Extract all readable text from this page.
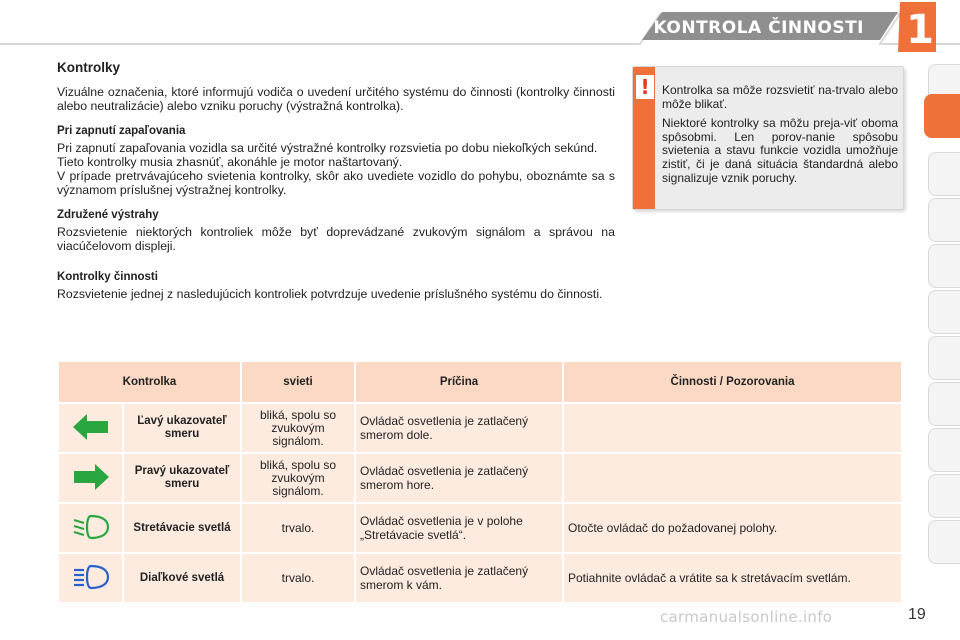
KONTROLA ČINNOSTI 1
Kontrolky

Vizuálne označenia, ktoré informujú vodiča o uvedení určitého systému do činnosti (kontrolky činnosti alebo neutralizácie) alebo vzniku poruchy (výstražná kontrolka).

Pri zapnutí zapaľovania

Pri zapnutí zapaľovania vozidla sa určité výstražné kontrolky rozsvietia po dobu niekoľkých sekúnd.

Tieto kontrolky musia zhasnúť, akonáhle je motor naštartovaný.

V prípade pretrvávajúceho svietenia kontrolky, skôr ako uvediete vozidlo do pohybu, oboznámte sa s významom príslušnej výstražnej kontrolky.

Združené výstrahy

Rozsvietenie niektorých kontroliek môže byť doprevádzané zvukovým signálom a správou na viacúčelovom displeji.

Kontrolky činnosti

Rozsvietenie jednej z nasledujúcich kontroliek potvrdzuje uvedenie príslušného systému do činnosti.

!	Kontrolka sa môže rozsvietiť na-trvalo alebo môže blikať.

Niektoré kontrolky sa môžu preja-viť oboma spôsobmi. Len porov-nanie spôsobu svietenia a stavu funkcie vozidla umožňuje zistiť, či je daná situácia štandardná alebo signalizuje vznik poruchy.

Kontrolka		svieti	Príčina	Činnosti / Pozorovania
	Ľavý ukazovateľ smeru	bliká, spolu so zvukovým signálom.	Ovládač osvetlenia je zatlačený smerom dole.	
	Pravý ukazovateľ smeru	bliká, spolu so zvukovým signálom.	Ovládač osvetlenia je zatlačený smerom hore.	
	Stretávacie svetlá	trvalo.	Ovládač osvetlenia je v polohe „Stretávacie svetlá“.	Otočte ovládač do požadovanej polohy.
	Diaľkové svetlá	trvalo.	Ovládač osvetlenia je zatlačený smerom k vám.	Potiahnite ovládač a vrátite sa k stretávacím svetlám.
carmanualsonline.info	19
